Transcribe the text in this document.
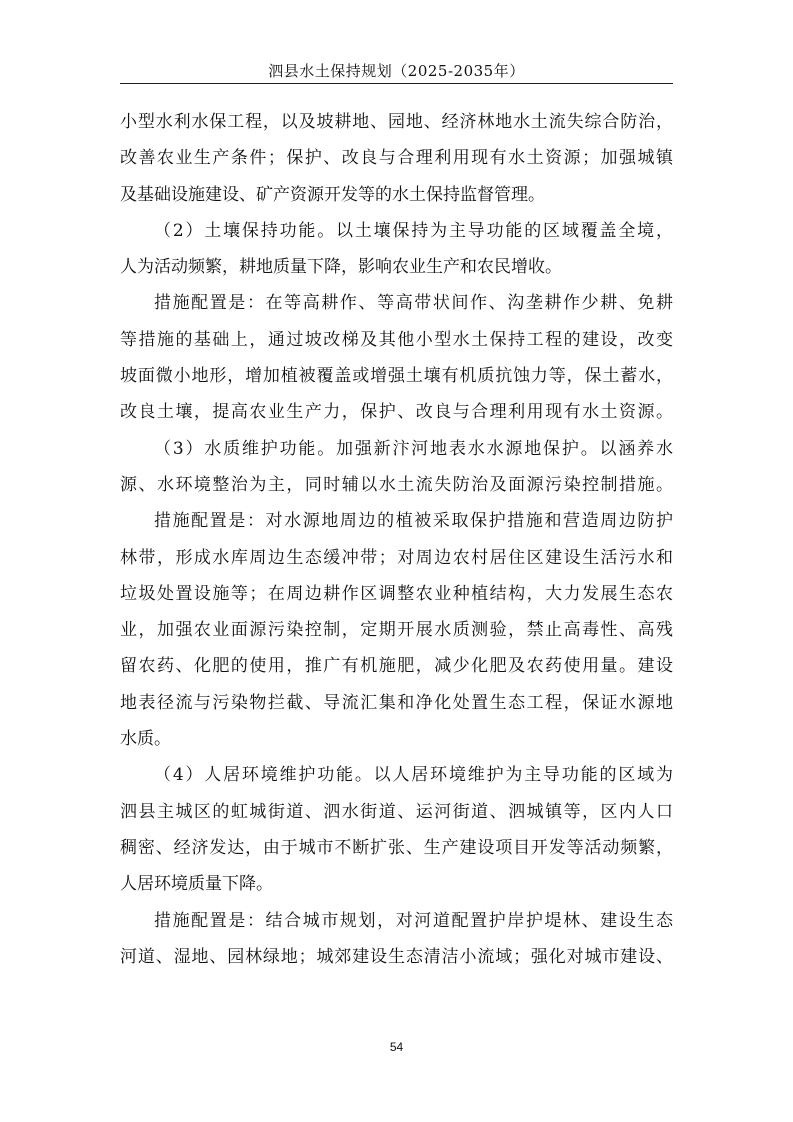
泗县水土保持规划（2025-2035年）
小型水利水保工程，以及坡耕地、园地、经济林地水土流失综合防治，
改善农业生产条件；保护、改良与合理利用现有水土资源；加强城镇
及基础设施建设、矿产资源开发等的水土保持监督管理。
（2）土壤保持功能。以土壤保持为主导功能的区域覆盖全境，
人为活动频繁，耕地质量下降，影响农业生产和农民增收。
措施配置是：在等高耕作、等高带状间作、沟垄耕作少耕、免耕
等措施的基础上，通过坡改梯及其他小型水土保持工程的建设，改变
坡面微小地形，增加植被覆盖或增强土壤有机质抗蚀力等，保土蓄水，
改良土壤，提高农业生产力，保护、改良与合理利用现有水土资源。
（3）水质维护功能。加强新汴河地表水水源地保护。以涵养水
源、水环境整治为主，同时辅以水土流失防治及面源污染控制措施。
措施配置是：对水源地周边的植被采取保护措施和营造周边防护
林带，形成水库周边生态缓冲带；对周边农村居住区建设生活污水和
垃圾处置设施等；在周边耕作区调整农业种植结构，大力发展生态农
业，加强农业面源污染控制，定期开展水质测验，禁止高毒性、高残
留农药、化肥的使用，推广有机施肥，减少化肥及农药使用量。建设
地表径流与污染物拦截、导流汇集和净化处置生态工程，保证水源地
水质。
（4）人居环境维护功能。以人居环境维护为主导功能的区域为
泗县主城区的虹城街道、泗水街道、运河街道、泗城镇等，区内人口
稠密、经济发达，由于城市不断扩张、生产建设项目开发等活动频繁，
人居环境质量下降。
措施配置是：结合城市规划，对河道配置护岸护堤林、建设生态
河道、湿地、园林绿地；城郊建设生态清洁小流域；强化对城市建设、
54
